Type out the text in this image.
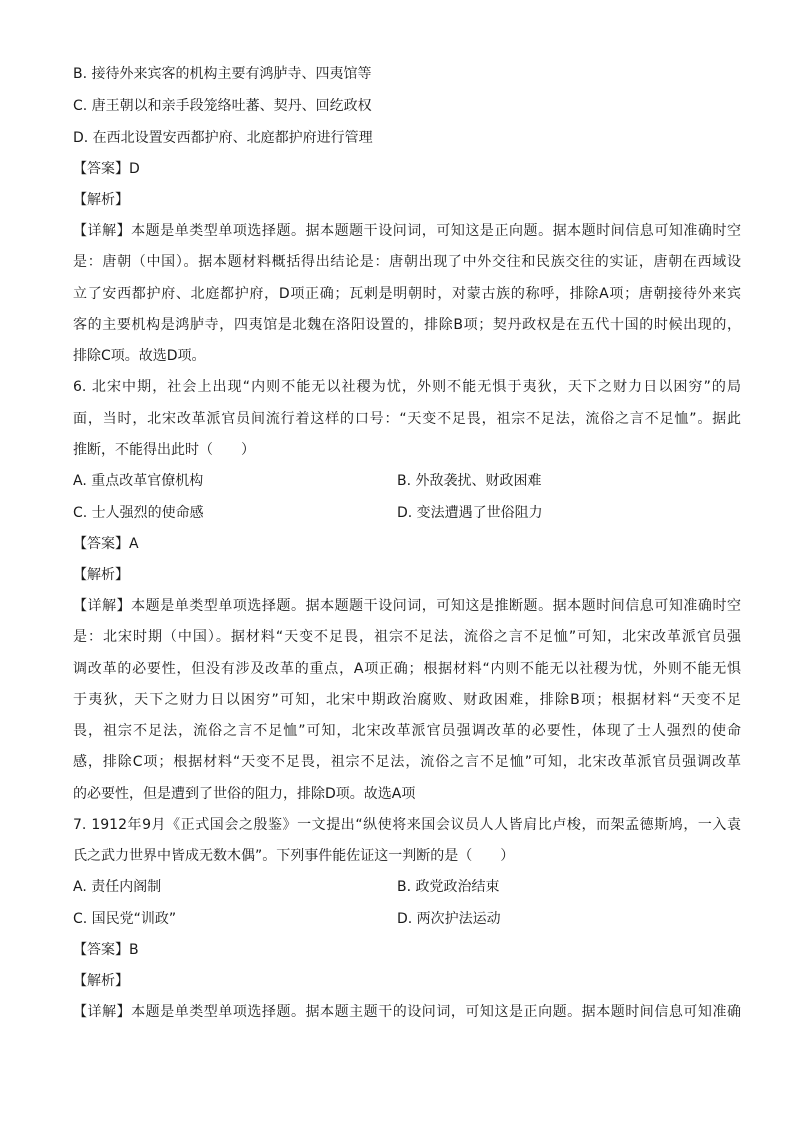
B. 接待外来宾客的机构主要有鸿胪寺、四夷馆等
C. 唐王朝以和亲手段笼络吐蕃、契丹、回纥政权
D. 在西北设置安西都护府、北庭都护府进行管理
【答案】D
【解析】
【详解】本题是单类型单项选择题。据本题题干设问词，可知这是正向题。据本题时间信息可知准确时空
是：唐朝（中国）。据本题材料概括得出结论是：唐朝出现了中外交往和民族交往的实证，唐朝在西域设
立了安西都护府、北庭都护府，D项正确；瓦剌是明朝时，对蒙古族的称呼，排除A项；唐朝接待外来宾
客的主要机构是鸿胪寺，四夷馆是北魏在洛阳设置的，排除B项；契丹政权是在五代十国的时候出现的，
排除C项。故选D项。
6. 北宋中期，社会上出现“内则不能无以社稷为忧，外则不能无惧于夷狄，天下之财力日以困穷”的局
面，当时，北宋改革派官员间流行着这样的口号：“天变不足畏，祖宗不足法，流俗之言不足恤”。据此
推断，不能得出此时（　　）
A. 重点改革官僚机构	B. 外敌袭扰、财政困难
C. 士人强烈的使命感	D. 变法遭遇了世俗阻力
【答案】A
【解析】
【详解】本题是单类型单项选择题。据本题题干设问词，可知这是推断题。据本题时间信息可知准确时空
是：北宋时期（中国）。据材料“天变不足畏，祖宗不足法，流俗之言不足恤”可知，北宋改革派官员强
调改革的必要性，但没有涉及改革的重点，A项正确；根据材料“内则不能无以社稷为忧，外则不能无惧
于夷狄，天下之财力日以困穷”可知，北宋中期政治腐败、财政困难，排除B项；根据材料“天变不足
畏，祖宗不足法，流俗之言不足恤”可知，北宋改革派官员强调改革的必要性，体现了士人强烈的使命
感，排除C项；根据材料“天变不足畏，祖宗不足法，流俗之言不足恤”可知，北宋改革派官员强调改革
的必要性，但是遭到了世俗的阻力，排除D项。故选A项
7. 1912年9月《正式国会之殷鉴》一文提出“纵使将来国会议员人人皆肩比卢梭，而架孟德斯鸠，一入袁
氏之武力世界中皆成无数木偶”。下列事件能佐证这一判断的是（　　）
A. 责任内阁制	B. 政党政治结束
C. 国民党“训政”	D. 两次护法运动
【答案】B
【解析】
【详解】本题是单类型单项选择题。据本题主题干的设问词，可知这是正向题。据本题时间信息可知准确
